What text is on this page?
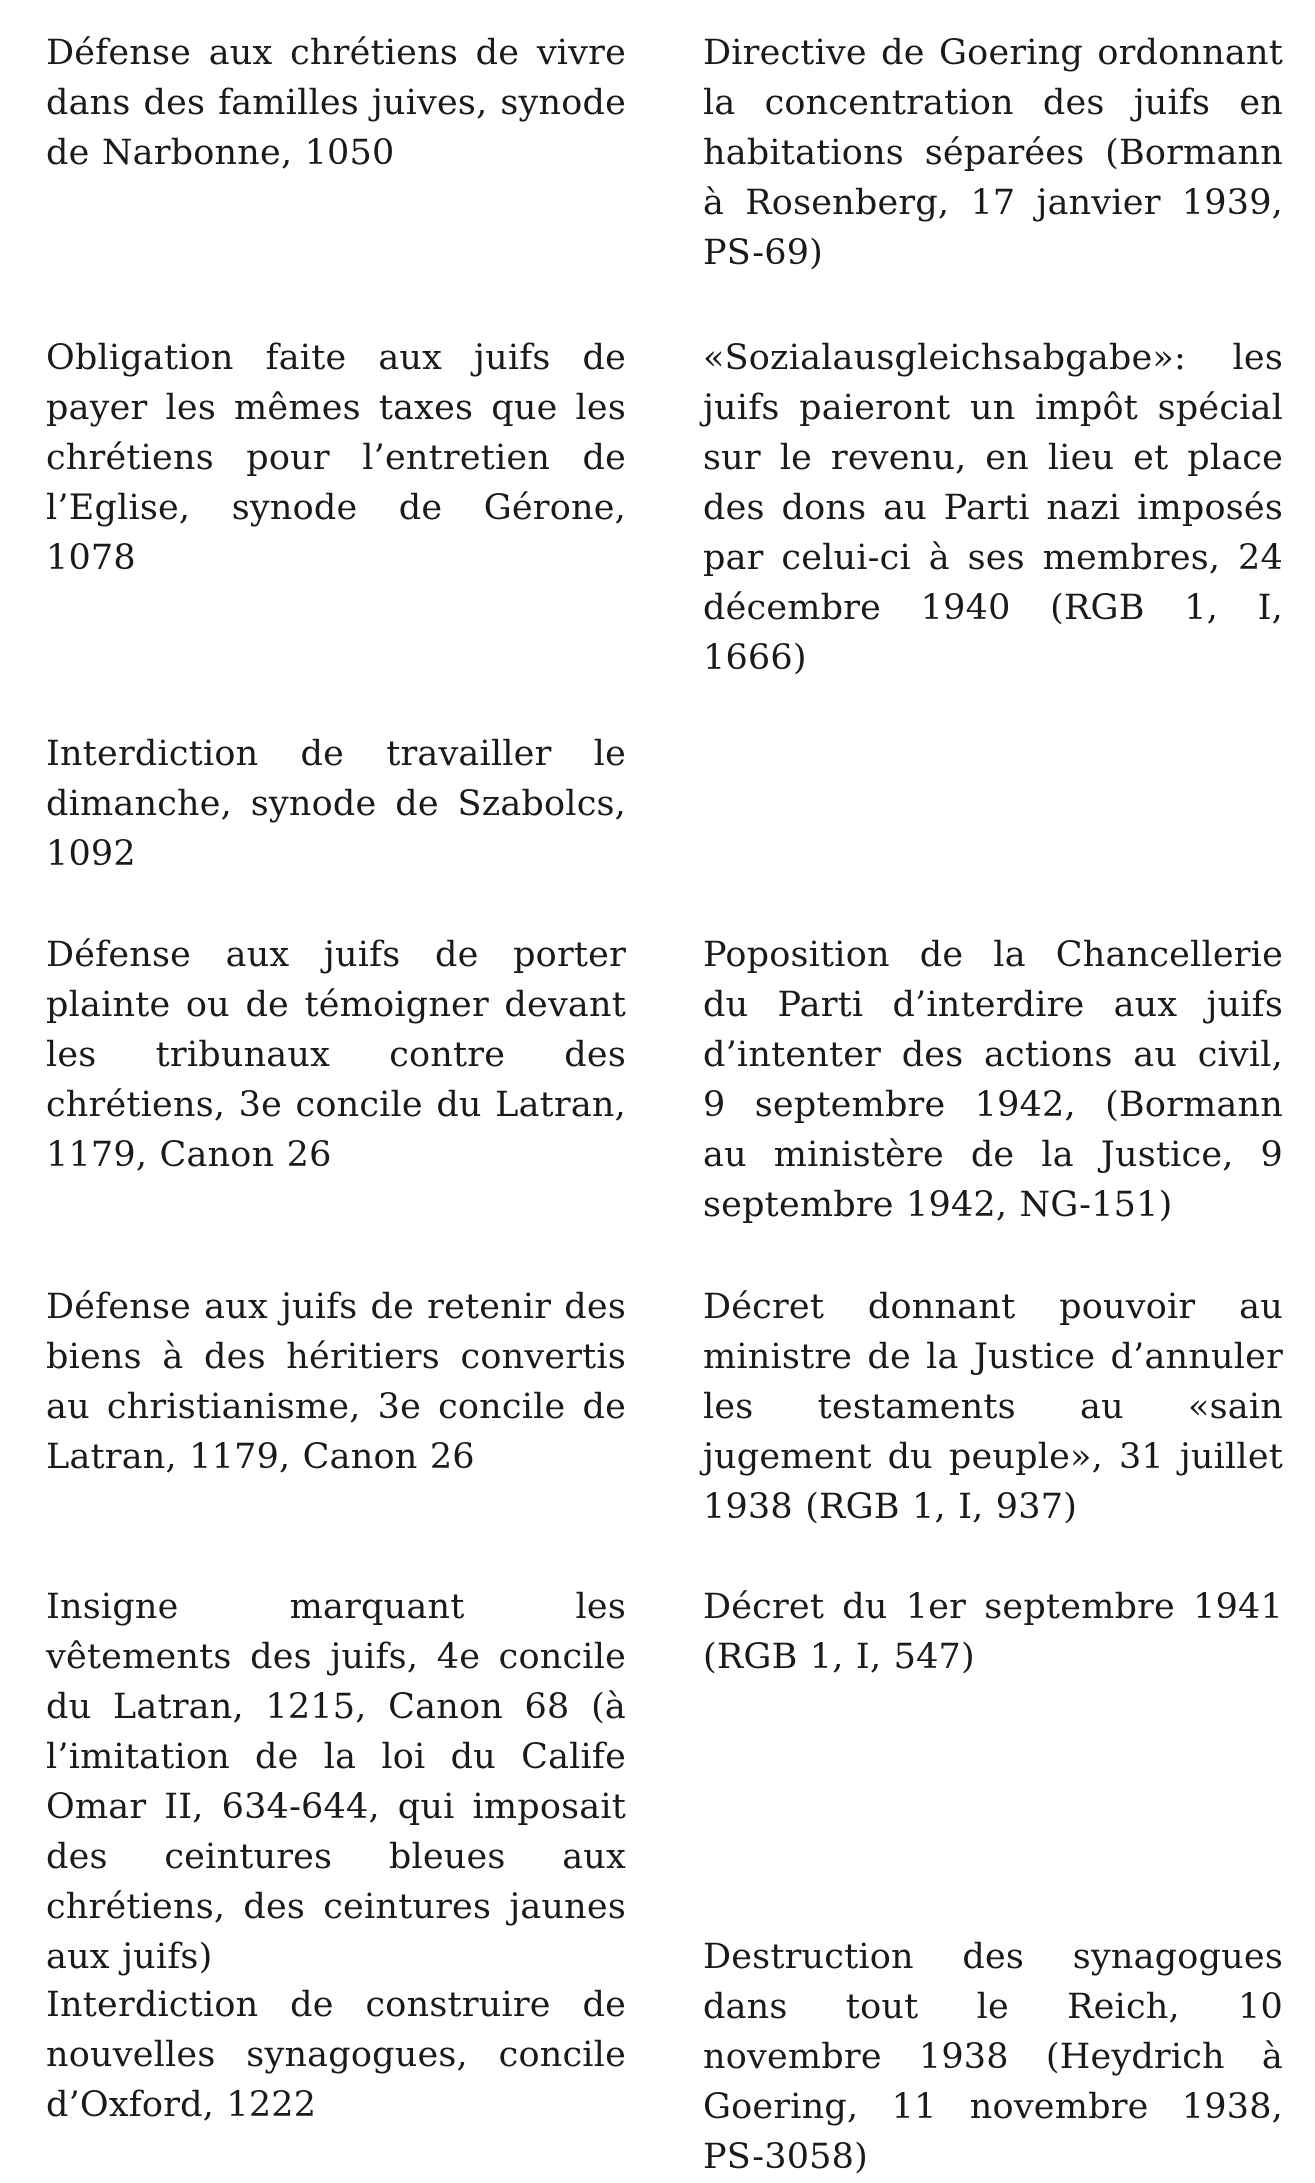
Défense aux chrétiens de vivre dans des familles juives, synode de Narbonne, 1050

Directive de Goering ordonnant la concentration des juifs en habitations séparées (Bormann à Rosenberg, 17 janvier 1939, PS-69)

Obligation faite aux juifs de payer les mêmes taxes que les chrétiens pour l’entretien de l’Eglise, synode de Gérone, 1078

«Sozialausgleichsabgabe»: les juifs paieront un impôt spécial sur le revenu, en lieu et place des dons au Parti nazi imposés par celui-ci à ses membres, 24 décembre 1940 (RGB 1, I, 1666)

Interdiction de travailler le dimanche, synode de Szabolcs, 1092

Défense aux juifs de porter plainte ou de témoigner devant les tribunaux contre des chrétiens, 3e concile du Latran, 1179, Canon 26

Poposition de la Chancellerie du Parti d’interdire aux juifs d’intenter des actions au civil, 9 septembre 1942, (Bormann au ministère de la Justice, 9 septembre 1942, NG-151)

Défense aux juifs de retenir des biens à des héritiers convertis au christianisme, 3e concile de Latran, 1179, Canon 26

Décret donnant pouvoir au ministre de la Justice d’annuler les testaments au «sain jugement du peuple», 31 juillet 1938 (RGB 1, I, 937)

Insigne marquant les vêtements des juifs, 4e concile du Latran, 1215, Canon 68 (à l’imitation de la loi du Calife Omar II, 634-644, qui imposait des ceintures bleues aux chrétiens, des ceintures jaunes aux juifs)

Décret du 1er septembre 1941 (RGB 1, I, 547)

Interdiction de construire de nouvelles synagogues, concile d’Oxford, 1222

Destruction des synagogues dans tout le Reich, 10 novembre 1938 (Heydrich à Goering, 11 novembre 1938, PS-3058)
